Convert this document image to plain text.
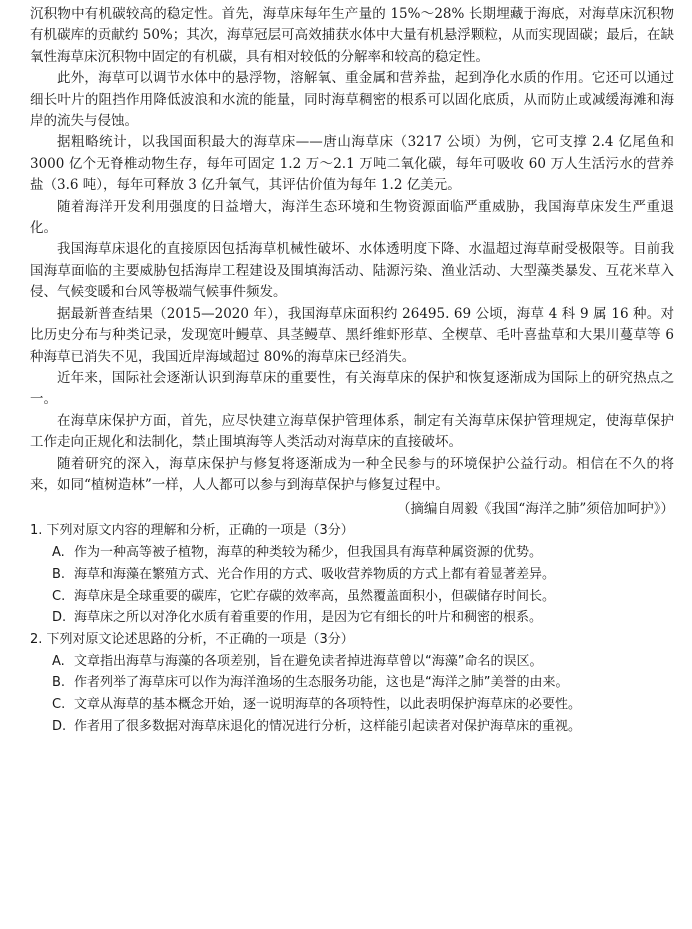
沉积物中有机碳较高的稳定性。首先，海草床每年生产量的 15%～28% 长期埋藏于海底，对海草床沉积物有机碳库的贡献约 50%；其次，海草冠层可高效捕获水体中大量有机悬浮颗粒，从而实现固碳；最后，在缺氧性海草床沉积物中固定的有机碳，具有相对较低的分解率和较高的稳定性。

此外，海草可以调节水体中的悬浮物，溶解氧、重金属和营养盐，起到净化水质的作用。它还可以通过细长叶片的阻挡作用降低波浪和水流的能量，同时海草稠密的根系可以固化底质，从而防止或减缓海滩和海岸的流失与侵蚀。

据粗略统计，以我国面积最大的海草床——唐山海草床（3217 公顷）为例，它可支撑 2.4 亿尾鱼和 3000 亿个无脊椎动物生存，每年可固定 1.2 万～2.1 万吨二氧化碳，每年可吸收 60 万人生活污水的营养盐（3.6 吨），每年可释放 3 亿升氧气，其评估价值为每年 1.2 亿美元。

随着海洋开发利用强度的日益增大，海洋生态环境和生物资源面临严重威胁，我国海草床发生严重退化。

我国海草床退化的直接原因包括海草机械性破坏、水体透明度下降、水温超过海草耐受极限等。目前我国海草面临的主要威胁包括海岸工程建设及围填海活动、陆源污染、渔业活动、大型藻类暴发、互花米草入侵、气候变暖和台风等极端气候事件频发。

据最新普查结果（2015—2020 年），我国海草床面积约 26495. 69 公顷，海草 4 科 9 属 16 种。对比历史分布与种类记录，发现宽叶鳗草、具茎鳗草、黑纤维虾形草、全楔草、毛叶喜盐草和大果川蔓草等 6 种海草已消失不见，我国近岸海域超过 80%的海草床已经消失。

近年来，国际社会逐渐认识到海草床的重要性，有关海草床的保护和恢复逐渐成为国际上的研究热点之一。

在海草床保护方面，首先，应尽快建立海草保护管理体系，制定有关海草床保护管理规定，使海草保护工作走向正规化和法制化，禁止围填海等人类活动对海草床的直接破坏。

随着研究的深入，海草床保护与修复将逐渐成为一种全民参与的环境保护公益行动。相信在不久的将来，如同“植树造林”一样，人人都可以参与到海草保护与修复过程中。

（摘编自周毅《我国“海洋之肺”须倍加呵护》）

1. 下列对原文内容的理解和分析，正确的一项是（3分）

A. 作为一种高等被子植物，海草的种类较为稀少，但我国具有海草种属资源的优势。

B. 海草和海藻在繁殖方式、光合作用的方式、吸收营养物质的方式上都有着显著差异。

C. 海草床是全球重要的碳库，它贮存碳的效率高，虽然覆盖面积小，但碳储存时间长。

D. 海草床之所以对净化水质有着重要的作用，是因为它有细长的叶片和稠密的根系。

2. 下列对原文论述思路的分析，不正确的一项是（3分）

A. 文章指出海草与海藻的各项差别，旨在避免读者掉进海草曾以“海藻”命名的误区。

B. 作者列举了海草床可以作为海洋渔场的生态服务功能，这也是“海洋之肺”美誉的由来。

C. 文章从海草的基本概念开始，逐一说明海草的各项特性，以此表明保护海草床的必要性。

D. 作者用了很多数据对海草床退化的情况进行分析，这样能引起读者对保护海草床的重视。
